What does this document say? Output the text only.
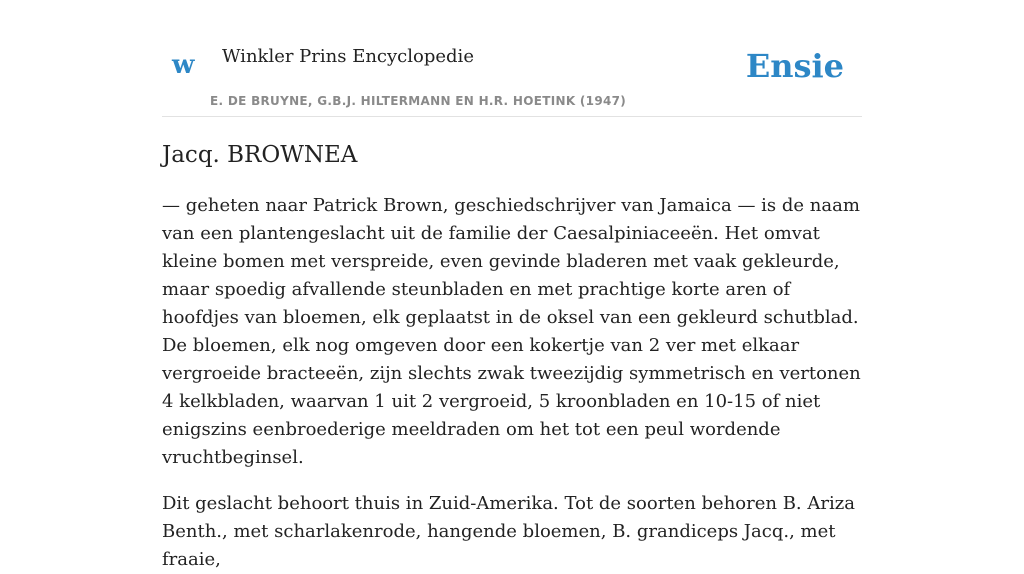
w Winkler Prins Encyclopedie
E. DE BRUYNE, G.B.J. HILTERMANN EN H.R. HOETINK (1947)
Ensie
Jacq. BROWNEA

— geheten naar Patrick Brown, geschiedschrijver van Jamaica — is de naam van een plantengeslacht uit de familie der Caesalpiniaceeën. Het omvat kleine bomen met verspreide, even gevinde bladeren met vaak gekleurde, maar spoedig afvallende steunbladen en met prachtige korte aren of hoofdjes van bloemen, elk geplaatst in de oksel van een gekleurd schutblad. De bloemen, elk nog omgeven door een kokertje van 2 ver met elkaar vergroeide bracteeën, zijn slechts zwak tweezijdig symmetrisch en vertonen 4 kelkbladen, waarvan 1 uit 2 vergroeid, 5 kroonbladen en 10-15 of niet enigszins eenbroederige meeldraden om het tot een peul wordende vruchtbeginsel.

Dit geslacht behoort thuis in Zuid-Amerika. Tot de soorten behoren B. Ariza Benth., met scharlakenrode, hangende bloemen, B. grandiceps Jacq., met fraaie,
